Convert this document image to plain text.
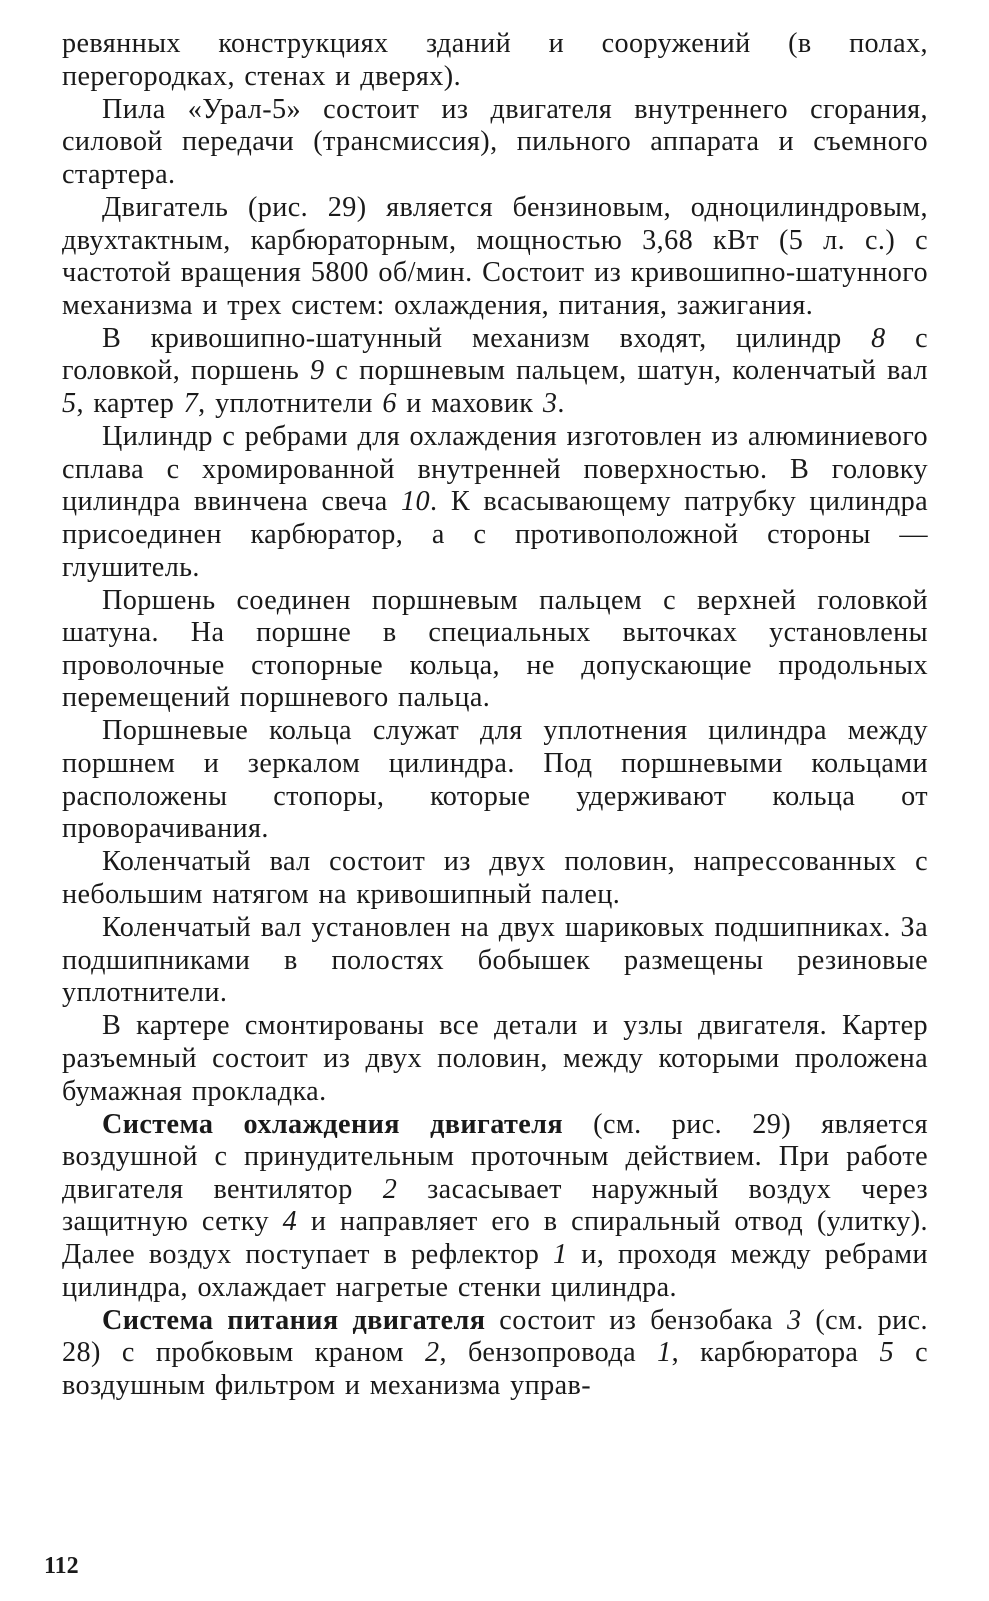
ревянных конструкциях зданий и сооружений (в полах, перегородках, стенах и дверях).

Пила «Урал-5» состоит из двигателя внутреннего сгорания, силовой передачи (трансмиссия), пильного аппарата и съемного стартера.

Двигатель (рис. 29) является бензиновым, одноцилиндровым, двухтактным, карбюраторным, мощностью 3,68 кВт (5 л. с.) с частотой вращения 5800 об/мин. Состоит из кривошипно-шатунного механизма и трех систем: охлаждения, питания, зажигания.

В кривошипно-шатунный механизм входят, цилиндр 8 с головкой, поршень 9 с поршневым пальцем, шатун, коленчатый вал 5, картер 7, уплотнители 6 и маховик 3.

Цилиндр с ребрами для охлаждения изготовлен из алюминиевого сплава с хромированной внутренней поверхностью. В головку цилиндра ввинчена свеча 10. К всасывающему патрубку цилиндра присоединен карбюратор, а с противоположной стороны — глушитель.

Поршень соединен поршневым пальцем с верхней головкой шатуна. На поршне в специальных выточках установлены проволочные стопорные кольца, не допускающие продольных перемещений поршневого пальца.

Поршневые кольца служат для уплотнения цилиндра между поршнем и зеркалом цилиндра. Под поршневыми кольцами расположены стопоры, которые удерживают кольца от проворачивания.

Коленчатый вал состоит из двух половин, напрессованных с небольшим натягом на кривошипный палец.

Коленчатый вал установлен на двух шариковых подшипниках. За подшипниками в полостях бобышек размещены резиновые уплотнители.

В картере смонтированы все детали и узлы двигателя. Картер разъемный состоит из двух половин, между которыми проложена бумажная прокладка.

Система охлаждения двигателя (см. рис. 29) является воздушной с принудительным проточным действием. При работе двигателя вентилятор 2 засасывает наружный воздух через защитную сетку 4 и направляет его в спиральный отвод (улитку). Далее воздух поступает в рефлектор 1 и, проходя между ребрами цилиндра, охлаждает нагретые стенки цилиндра.

Система питания двигателя состоит из бензобака 3 (см. рис. 28) с пробковым краном 2, бензопровода 1, карбюратора 5 с воздушным фильтром и механизма управ-

112
